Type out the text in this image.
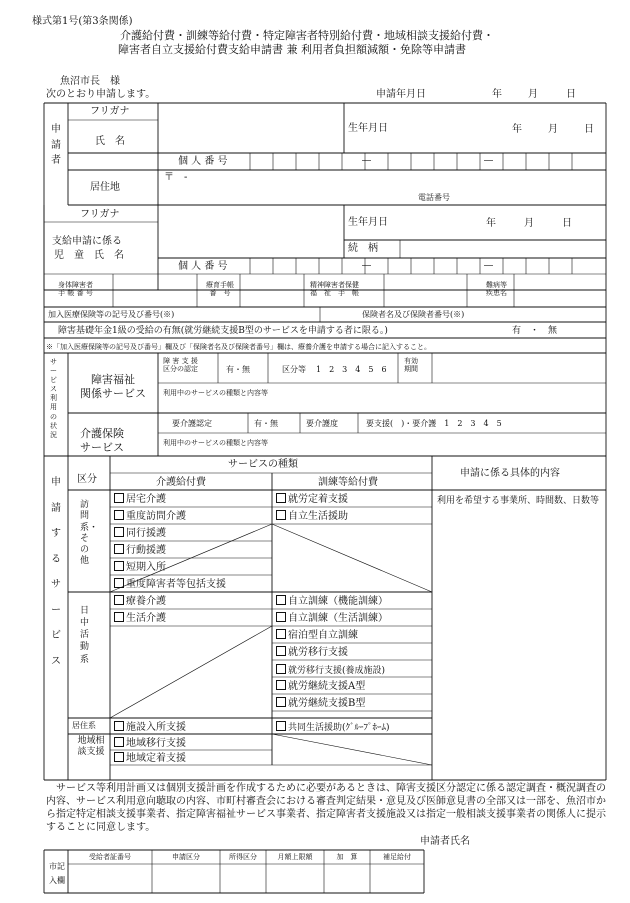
様式第1号(第3条関係)
介護給付費・訓練等給付費・特定障害者特別給付費・地域相談支援給付費・
障害者自立支援給付費支給申請書 兼 利用者負担額減額・免除等申請書
魚沼市長　様
次のとおり申請します。	申請年月日	年	月	日
申請者
フリガナ
氏　名
生年月日	年	月	日
個 人 番 号	―	―
居住地
〒　-
電話番号
フリガナ
支給申請に係る
児　童　氏　名
生年月日	年	月	日
続　柄
個 人 番 号	―	―
身体障害者
手 帳 番 号
療育手帳
番　号
精神障害者保健
福　祉　手　帳
難病等
疾患名
加入医療保険等の記号及び番号(※)	保険者名及び保険者番号(※)
障害基礎年金1級の受給の有無(就労継続支援B型のサービスを申請する者に限る。)	有　・　無
※「加入医療保険等の記号及び番号」欄及び「保険者名及び保険者番号」欄は、療養介護を申請する場合に記入すること。
サービス利用の状況
障害福祉
関係サービス
障 害 支 援
区分の認定	有・無	区分等 1　2　3　4　5　6
有効
期間
利用中のサービスの種類と内容等
介護保険
サービス
要介護認定	有・無	要介護度	要支援(　)・要介護　1　2　3　4　5
利用中のサービスの種類と内容等
申請するサービス
区分
サービスの種類
介護給付費	訓練等給付費
申請に係る具体的内容
利用を希望する事業所、時間数、日数等
訪問系・その他
日中活動系
居住系
地域相談支援
居宅介護
重度訪問介護
同行援護
行動援護
短期入所
重度障害者等包括支援
就労定着支援
自立生活援助
療養介護
生活介護
自立訓練（機能訓練）
自立訓練（生活訓練）
宿泊型自立訓練
就労移行支援
就労移行支援(養成施設)
就労継続支援A型
就労継続支援B型
施設入所支援	共同生活援助(ｸﾞﾙｰﾌﾟﾎｰﾑ)
地域移行支援
地域定着支援
サービス等利用計画又は個別支援計画を作成するために必要があるときは、障害支援区分認定に係る認定調査・概況調査の内容、サービス利用意向聴取の内容、市町村審査会における審査判定結果・意見及び医師意見書の全部又は一部を、魚沼市から指定特定相談支援事業者、指定障害福祉サービス事業者、指定障害者支援施設又は指定一般相談支援事業者の関係人に提示することに同意します。
申請者氏名
市記入欄
受給者証番号	申請区分	所得区分	月額上限額	加　算	補足給付
